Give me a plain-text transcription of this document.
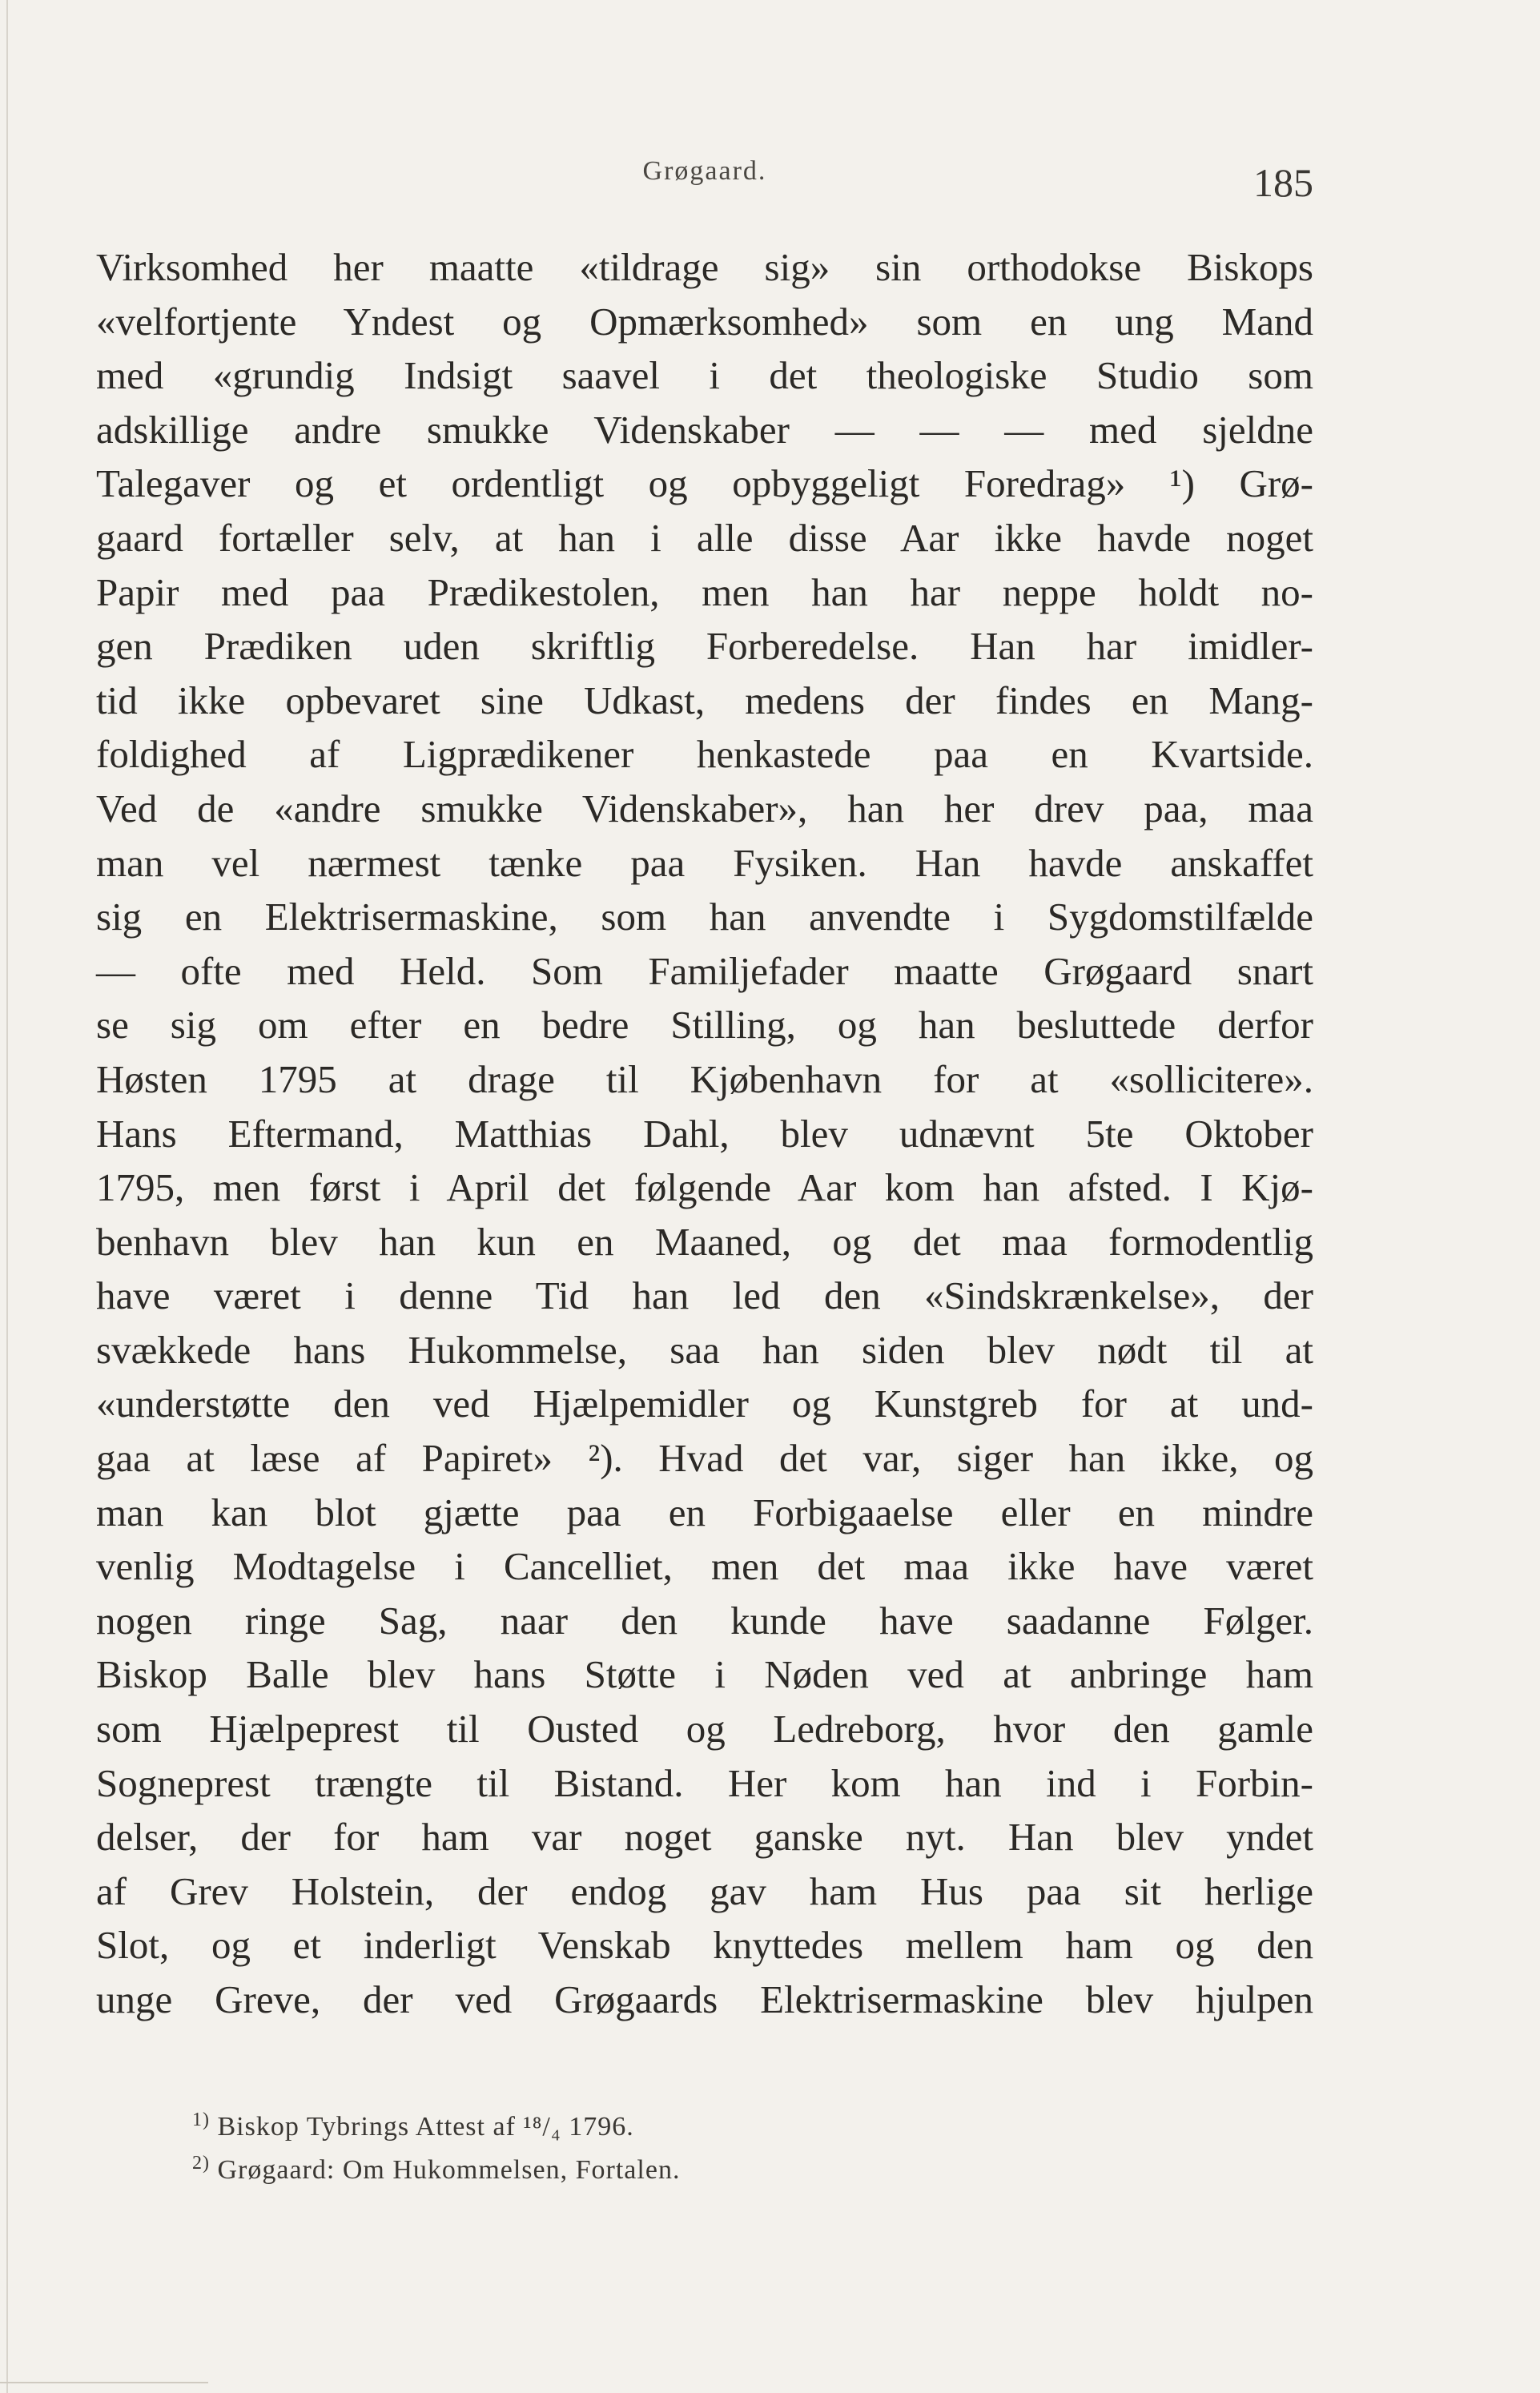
Grøgaard.	185
Virksomhed her maatte «tildrage sig» sin orthodokse Biskops
«velfortjente Yndest og Opmærksomhed» som en ung Mand
med «grundig Indsigt saavel i det theologiske Studio som
adskillige andre smukke Videnskaber — — — med sjeldne
Talegaver og et ordentligt og opbyggeligt Foredrag» ¹) Grø-
gaard fortæller selv, at han i alle disse Aar ikke havde noget
Papir med paa Prædikestolen, men han har neppe holdt no-
gen Prædiken uden skriftlig Forberedelse. Han har imidler-
tid ikke opbevaret sine Udkast, medens der findes en Mang-
foldighed af Ligprædikener henkastede paa en Kvartside.
Ved de «andre smukke Videnskaber», han her drev paa, maa
man vel nærmest tænke paa Fysiken. Han havde anskaffet
sig en Elektrisermaskine, som han anvendte i Sygdomstilfælde
— ofte med Held. Som Familjefader maatte Grøgaard snart
se sig om efter en bedre Stilling, og han besluttede derfor
Høsten 1795 at drage til Kjøbenhavn for at «sollicitere».
Hans Eftermand, Matthias Dahl, blev udnævnt 5te Oktober
1795, men først i April det følgende Aar kom han afsted. I Kjø-
benhavn blev han kun en Maaned, og det maa formodentlig
have været i denne Tid han led den «Sindskrænkelse», der
svækkede hans Hukommelse, saa han siden blev nødt til at
«understøtte den ved Hjælpemidler og Kunstgreb for at und-
gaa at læse af Papiret» ²). Hvad det var, siger han ikke, og
man kan blot gjætte paa en Forbigaaelse eller en mindre
venlig Modtagelse i Cancelliet, men det maa ikke have været
nogen ringe Sag, naar den kunde have saadanne Følger.
Biskop Balle blev hans Støtte i Nøden ved at anbringe ham
som Hjælpeprest til Ousted og Ledreborg, hvor den gamle
Sogneprest trængte til Bistand. Her kom han ind i Forbin-
delser, der for ham var noget ganske nyt. Han blev yndet
af Grev Holstein, der endog gav ham Hus paa sit herlige
Slot, og et inderligt Venskab knyttedes mellem ham og den
unge Greve, der ved Grøgaards Elektrisermaskine blev hjulpen
$^{1)}$ Biskop Tybrings Attest af ¹⁸/₄ 1796.
$^{2)}$ Grøgaard: Om Hukommelsen, Fortalen.
